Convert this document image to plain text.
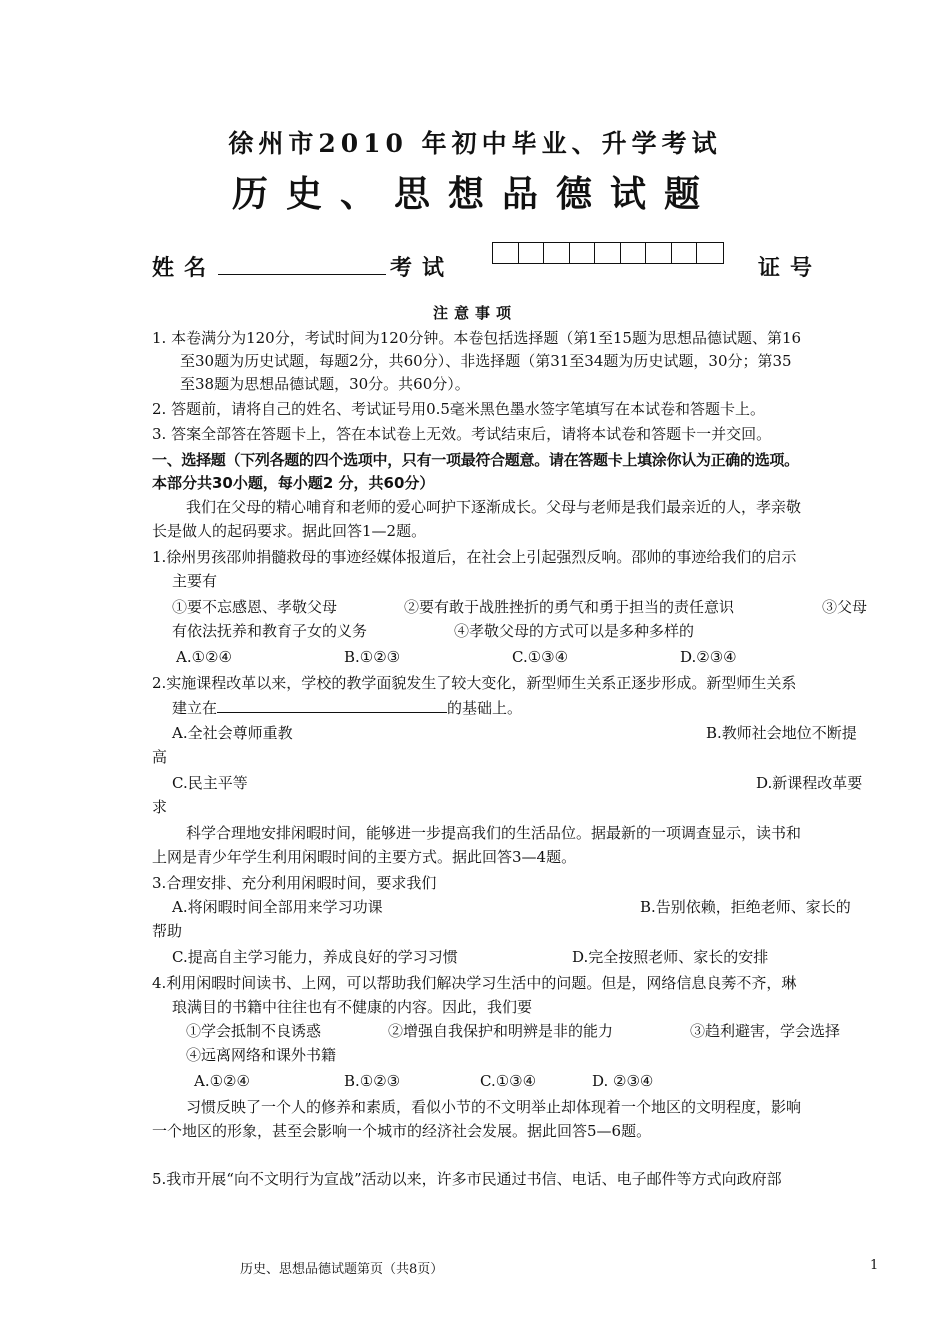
徐州市2010 年初中毕业、升学考试
历史、思想品德试题
姓名	考试	证号
注意事项
1. 本卷满分为120分，考试时间为120分钟。本卷包括选择题（第1至15题为思想品德试题、第16
至30题为历史试题，每题2分，共60分）、非选择题（第31至34题为历史试题，30分；第35
至38题为思想品德试题，30分。共60分）。
2. 答题前，请将自己的姓名、考试证号用0.5毫米黑色墨水签字笔填写在本试卷和答题卡上。
3. 答案全部答在答题卡上，答在本试卷上无效。考试结束后，请将本试卷和答题卡一并交回。
一、选择题（下列各题的四个选项中，只有一项最符合题意。请在答题卡上填涂你认为正确的选项。
本部分共30小题，每小题2 分，共60分）
我们在父母的精心哺育和老师的爱心呵护下逐渐成长。父母与老师是我们最亲近的人，孝亲敬
长是做人的起码要求。据此回答1—2题。
1.徐州男孩邵帅捐髓救母的事迹经媒体报道后，在社会上引起强烈反响。邵帅的事迹给我们的启示
主要有
①要不忘感恩、孝敬父母	②要有敢于战胜挫折的勇气和勇于担当的责任意识	③父母
有依法抚养和教育子女的义务	④孝敬父母的方式可以是多种多样的
A.①②④	B.①②③	C.①③④	D.②③④
2.实施课程改革以来，学校的教学面貌发生了较大变化，新型师生关系正逐步形成。新型师生关系
建立在	的基础上。
A.全社会尊师重教	B.教师社会地位不断提
高
C.民主平等	D.新课程改革要
求
科学合理地安排闲暇时间，能够进一步提高我们的生活品位。据最新的一项调查显示，读书和
上网是青少年学生利用闲暇时间的主要方式。据此回答3—4题。
3.合理安排、充分利用闲暇时间，要求我们
A.将闲暇时间全部用来学习功课	B.告别依赖，拒绝老师、家长的
帮助
C.提高自主学习能力，养成良好的学习习惯	D.完全按照老师、家长的安排
4.利用闲暇时间读书、上网，可以帮助我们解决学习生活中的问题。但是，网络信息良莠不齐，琳
琅满目的书籍中往往也有不健康的内容。因此，我们要
①学会抵制不良诱惑	②增强自我保护和明辨是非的能力	③趋利避害，学会选择
④远离网络和课外书籍
A.①②④	B.①②③	C.①③④	D. ②③④
习惯反映了一个人的修养和素质，看似小节的不文明举止却体现着一个地区的文明程度，影响
一个地区的形象，甚至会影响一个城市的经济社会发展。据此回答5—6题。
5.我市开展“向不文明行为宣战”活动以来，许多市民通过书信、电话、电子邮件等方式向政府部
历史、思想品德试题第页（共8页）	1
